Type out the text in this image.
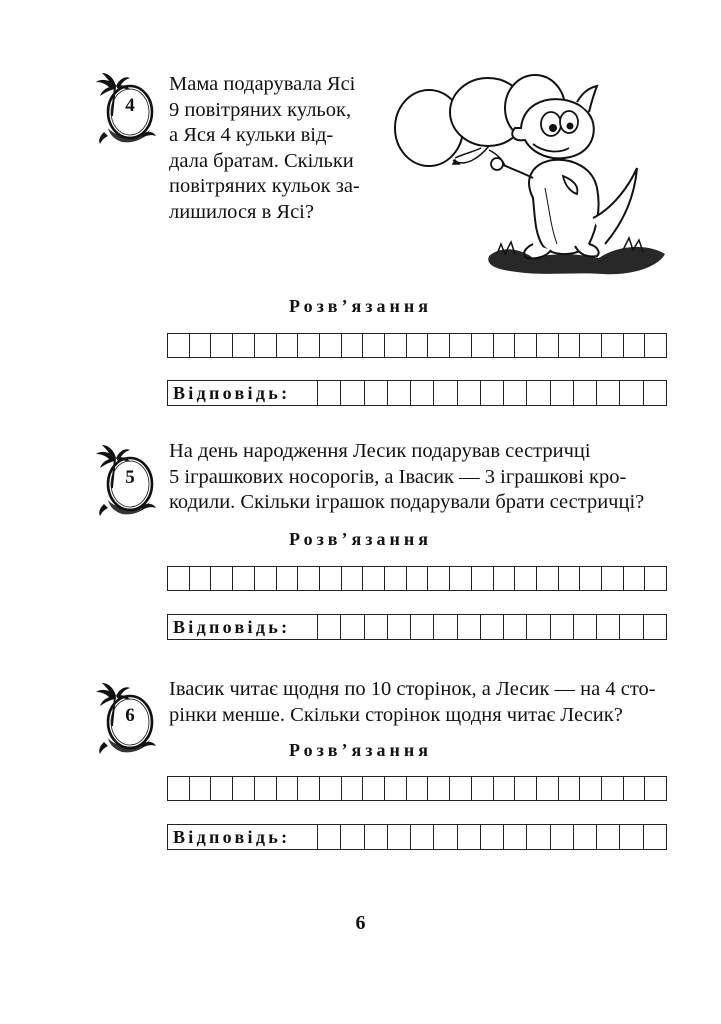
4
Мама подарувала Ясі
9 повітряних кульок,
а Яся 4 кульки від-
дала братам. Скільки
повітряних кульок за-
лишилося в Ясі?
Розв’язання
Відповідь:
5
На день народження Лесик подарував сестричці
5 іграшкових носорогів, а Івасик — 3 іграшкові кро-
кодили. Скільки іграшок подарували брати сестричці?
Розв’язання
Відповідь:
6
Івасик читає щодня по 10 сторінок, а Лесик — на 4 сто-
рінки менше. Скільки сторінок щодня читає Лесик?
Розв’язання
Відповідь:
6
